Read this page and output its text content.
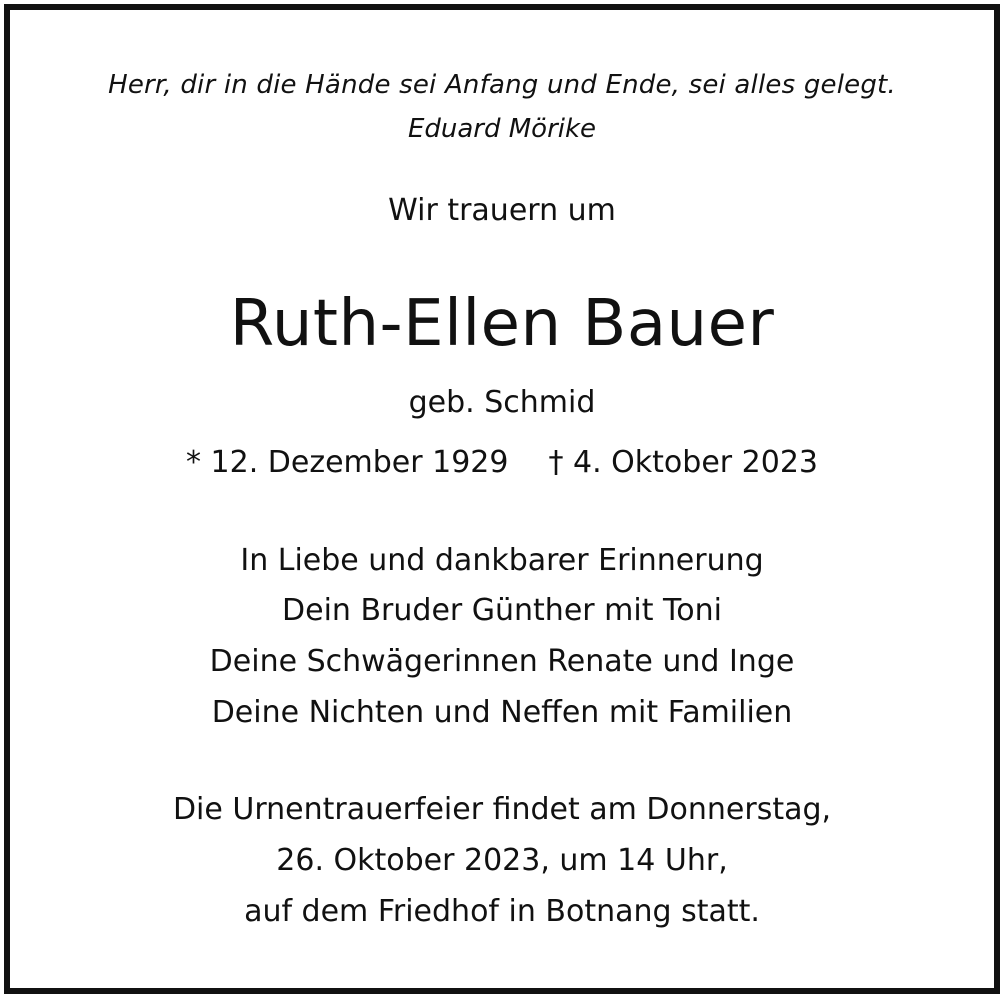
Herr, dir in die Hände sei Anfang und Ende, sei alles gelegt.
Eduard Mörike
Wir trauern um
Ruth-Ellen Bauer
geb. Schmid
* 12. Dezember 1929 † 4. Oktober 2023
In Liebe und dankbarer Erinnerung
Dein Bruder Günther mit Toni
Deine Schwägerinnen Renate und Inge
Deine Nichten und Neffen mit Familien
Die Urnentrauerfeier findet am Donnerstag,
26. Oktober 2023, um 14 Uhr,
auf dem Friedhof in Botnang statt.
